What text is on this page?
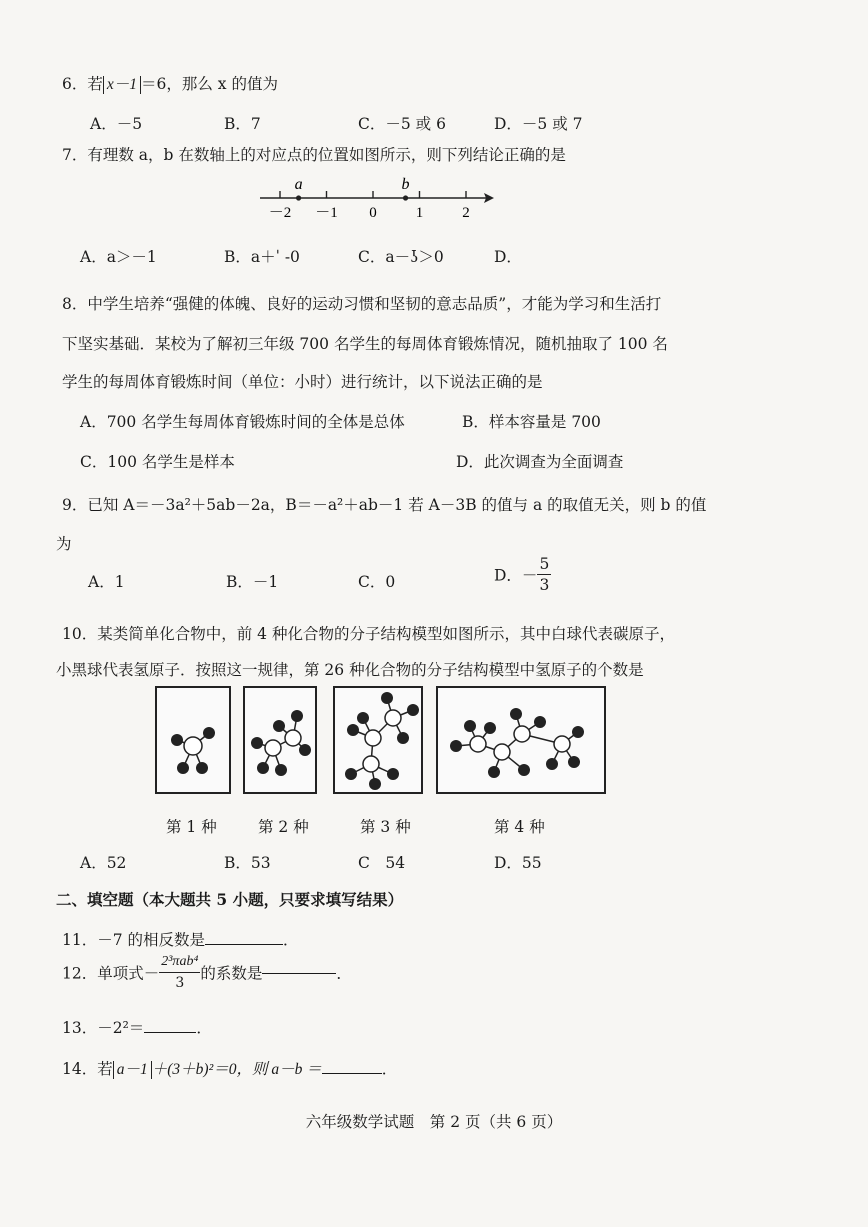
6．若 x－1 ＝6，那么 x 的值为
A．－5	B．7	C．－5 或 6	D．－5 或 7
7．有理数 a，b 在数轴上的对应点的位置如图所示，则下列结论正确的是
－2 －1 0	1	2
a	b
A．a＞－1	B．a＋ˈ ‑0	C．a－ʖ＞0	D．
8．中学生培养“强健的体魄、良好的运动习惯和坚韧的意志品质”，才能为学习和生活打
下坚实基础．某校为了解初三年级 700 名学生的每周体育锻炼情况，随机抽取了 100 名
学生的每周体育锻炼时间（单位：小时）进行统计，以下说法正确的是
A．700 名学生每周体育锻炼时间的全体是总体	B．样本容量是 700
C．100 名学生是样本	D．此次调查为全面调查
9．已知 A＝－3a²＋5ab－2a，B＝－a²＋ab－1 若 A－3B 的值与 a 的取值无关，则 b 的值
为
A．1	B．－1	C．0	D．－ $\frac{5}{3}$
10．某类简单化合物中，前 4 种化合物的分子结构模型如图所示，其中白球代表碳原子，
小黑球代表氢原子．按照这一规律，第 26 种化合物的分子结构模型中氢原子的个数是
第 1 种	第 2 种	第 3 种	第 4 种
A．52	B．53	C　54	D．55
二、填空题（本大题共 5 小题，只要求填写结果）
11．－7 的相反数是	．
12．单项式－ $\frac{\text{2³πab⁴}}{3}$ 的系数是	．
13．－2²＝	．
14．若 a－1 ＋(3＋b)²＝0，则 a－b ＝	．
六年级数学试题　第 2 页（共 6 页）
